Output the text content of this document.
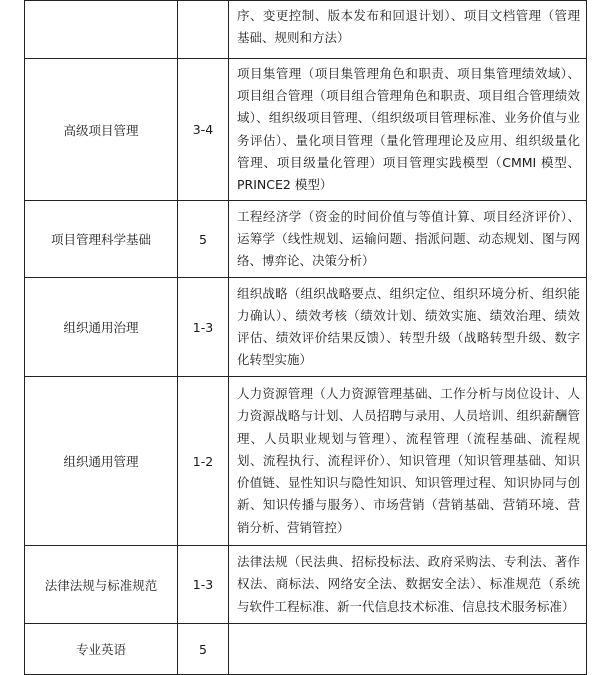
		序、变更控制、版本发布和回退计划）、项目文档管理（管理基础、规则和方法）

高级项目管理	3-4	项目集管理（项目集管理角色和职责、项目集管理绩效域）、项目组合管理（项目组合管理角色和职责、项目组合管理绩效域）、组织级项目管理、（组织级项目管理标准、业务价值与业务评估）、量化项目管理（量化管理理论及应用、组织级量化管理、项目级量化管理）项目管理实践模型（CMMI 模型、PRINCE2 模型）

项目管理科学基础	5	工程经济学（资金的时间价值与等值计算、项目经济评价）、运筹学（线性规划、运输问题、指派问题、动态规划、图与网络、博弈论、决策分析）

组织通用治理	1-3	组织战略（组织战略要点、组织定位、组织环境分析、组织能力确认）、绩效考核（绩效计划、绩效实施、绩效治理、绩效评估、绩效评价结果反馈）、转型升级（战略转型升级、数字化转型实施）

组织通用管理	1-2	人力资源管理（人力资源管理基础、工作分析与岗位设计、人力资源战略与计划、人员招聘与录用、人员培训、组织薪酬管理、人员职业规划与管理）、流程管理（流程基础、流程规划、流程执行、流程评价）、知识管理（知识管理基础、知识价值链、显性知识与隐性知识、知识管理过程、知识协同与创新、知识传播与服务）、市场营销（营销基础、营销环境、营销分析、营销管控）

法律法规与标准规范	1-3	法律法规（民法典、招标投标法、政府采购法、专利法、著作权法、商标法、网络安全法、数据安全法）、标准规范（系统与软件工程标准、新一代信息技术标准、信息技术服务标准）

专业英语	5	
